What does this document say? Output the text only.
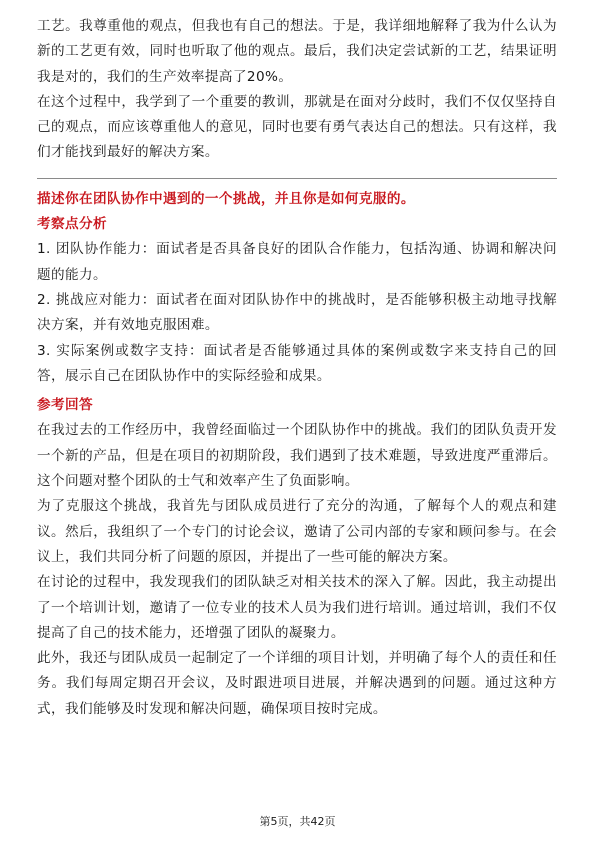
工艺。我尊重他的观点，但我也有自己的想法。于是，我详细地解释了我为什么认为新的工艺更有效，同时也听取了他的观点。最后，我们决定尝试新的工艺，结果证明我是对的，我们的生产效率提高了20%。

在这个过程中，我学到了一个重要的教训，那就是在面对分歧时，我们不仅仅坚持自己的观点，而应该尊重他人的意见，同时也要有勇气表达自己的想法。只有这样，我们才能找到最好的解决方案。

描述你在团队协作中遇到的一个挑战，并且你是如何克服的。
考察点分析

1. 团队协作能力：面试者是否具备良好的团队合作能力，包括沟通、协调和解决问题的能力。

2. 挑战应对能力：面试者在面对团队协作中的挑战时，是否能够积极主动地寻找解决方案，并有效地克服困难。

3. 实际案例或数字支持：面试者是否能够通过具体的案例或数字来支持自己的回答，展示自己在团队协作中的实际经验和成果。

参考回答

在我过去的工作经历中，我曾经面临过一个团队协作中的挑战。我们的团队负责开发一个新的产品，但是在项目的初期阶段，我们遇到了技术难题，导致进度严重滞后。这个问题对整个团队的士气和效率产生了负面影响。

为了克服这个挑战，我首先与团队成员进行了充分的沟通，了解每个人的观点和建议。然后，我组织了一个专门的讨论会议，邀请了公司内部的专家和顾问参与。在会议上，我们共同分析了问题的原因，并提出了一些可能的解决方案。

在讨论的过程中，我发现我们的团队缺乏对相关技术的深入了解。因此，我主动提出了一个培训计划，邀请了一位专业的技术人员为我们进行培训。通过培训，我们不仅提高了自己的技术能力，还增强了团队的凝聚力。

此外，我还与团队成员一起制定了一个详细的项目计划，并明确了每个人的责任和任务。我们每周定期召开会议，及时跟进项目进展，并解决遇到的问题。通过这种方式，我们能够及时发现和解决问题，确保项目按时完成。

第5页，共42页
